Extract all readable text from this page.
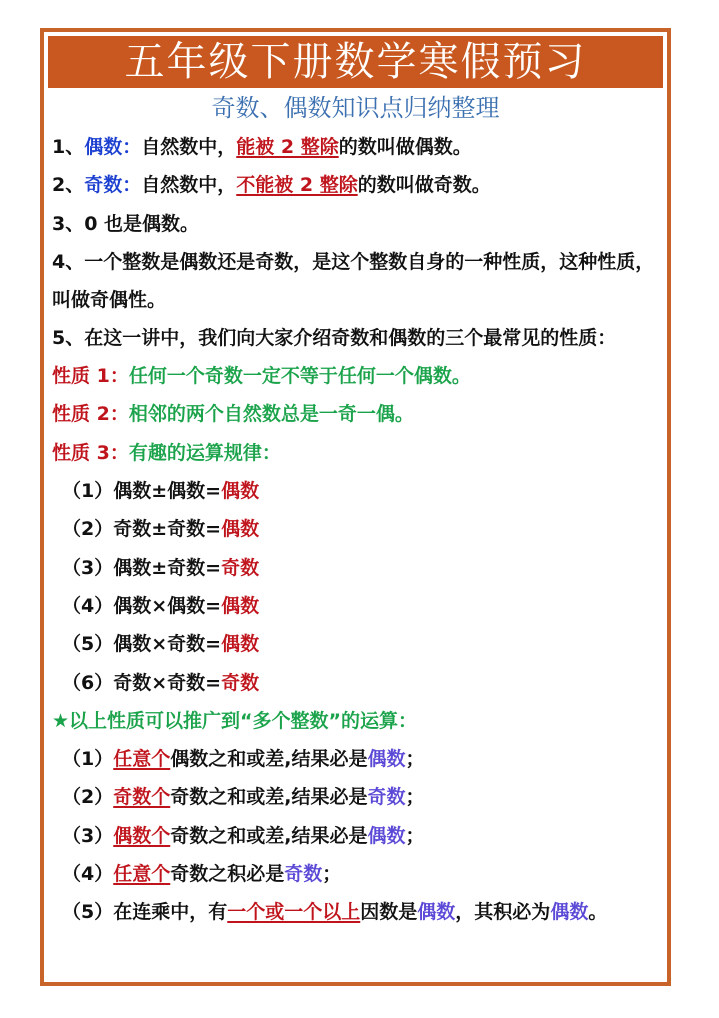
五年级下册数学寒假预习
奇数、偶数知识点归纳整理
1、偶数：自然数中，能被 2 整除的数叫做偶数。
2、奇数：自然数中，不能被 2 整除的数叫做奇数。
3、0 也是偶数。
4、一个整数是偶数还是奇数，是这个整数自身的一种性质，这种性质，叫做奇偶性。
5、在这一讲中，我们向大家介绍奇数和偶数的三个最常见的性质：
性质 1：任何一个奇数一定不等于任何一个偶数。
性质 2：相邻的两个自然数总是一奇一偶。
性质 3：有趣的运算规律：
（1）偶数±偶数=偶数
（2）奇数±奇数=偶数
（3）偶数±奇数=奇数
（4）偶数×偶数=偶数
（5）偶数×奇数=偶数
（6）奇数×奇数=奇数
★以上性质可以推广到“多个整数”的运算：
（1）任意个偶数之和或差,结果必是偶数；
（2）奇数个奇数之和或差,结果必是奇数；
（3）偶数个奇数之和或差,结果必是偶数；
（4）任意个奇数之积必是奇数；
（5）在连乘中，有一个或一个以上因数是偶数，其积必为偶数。
